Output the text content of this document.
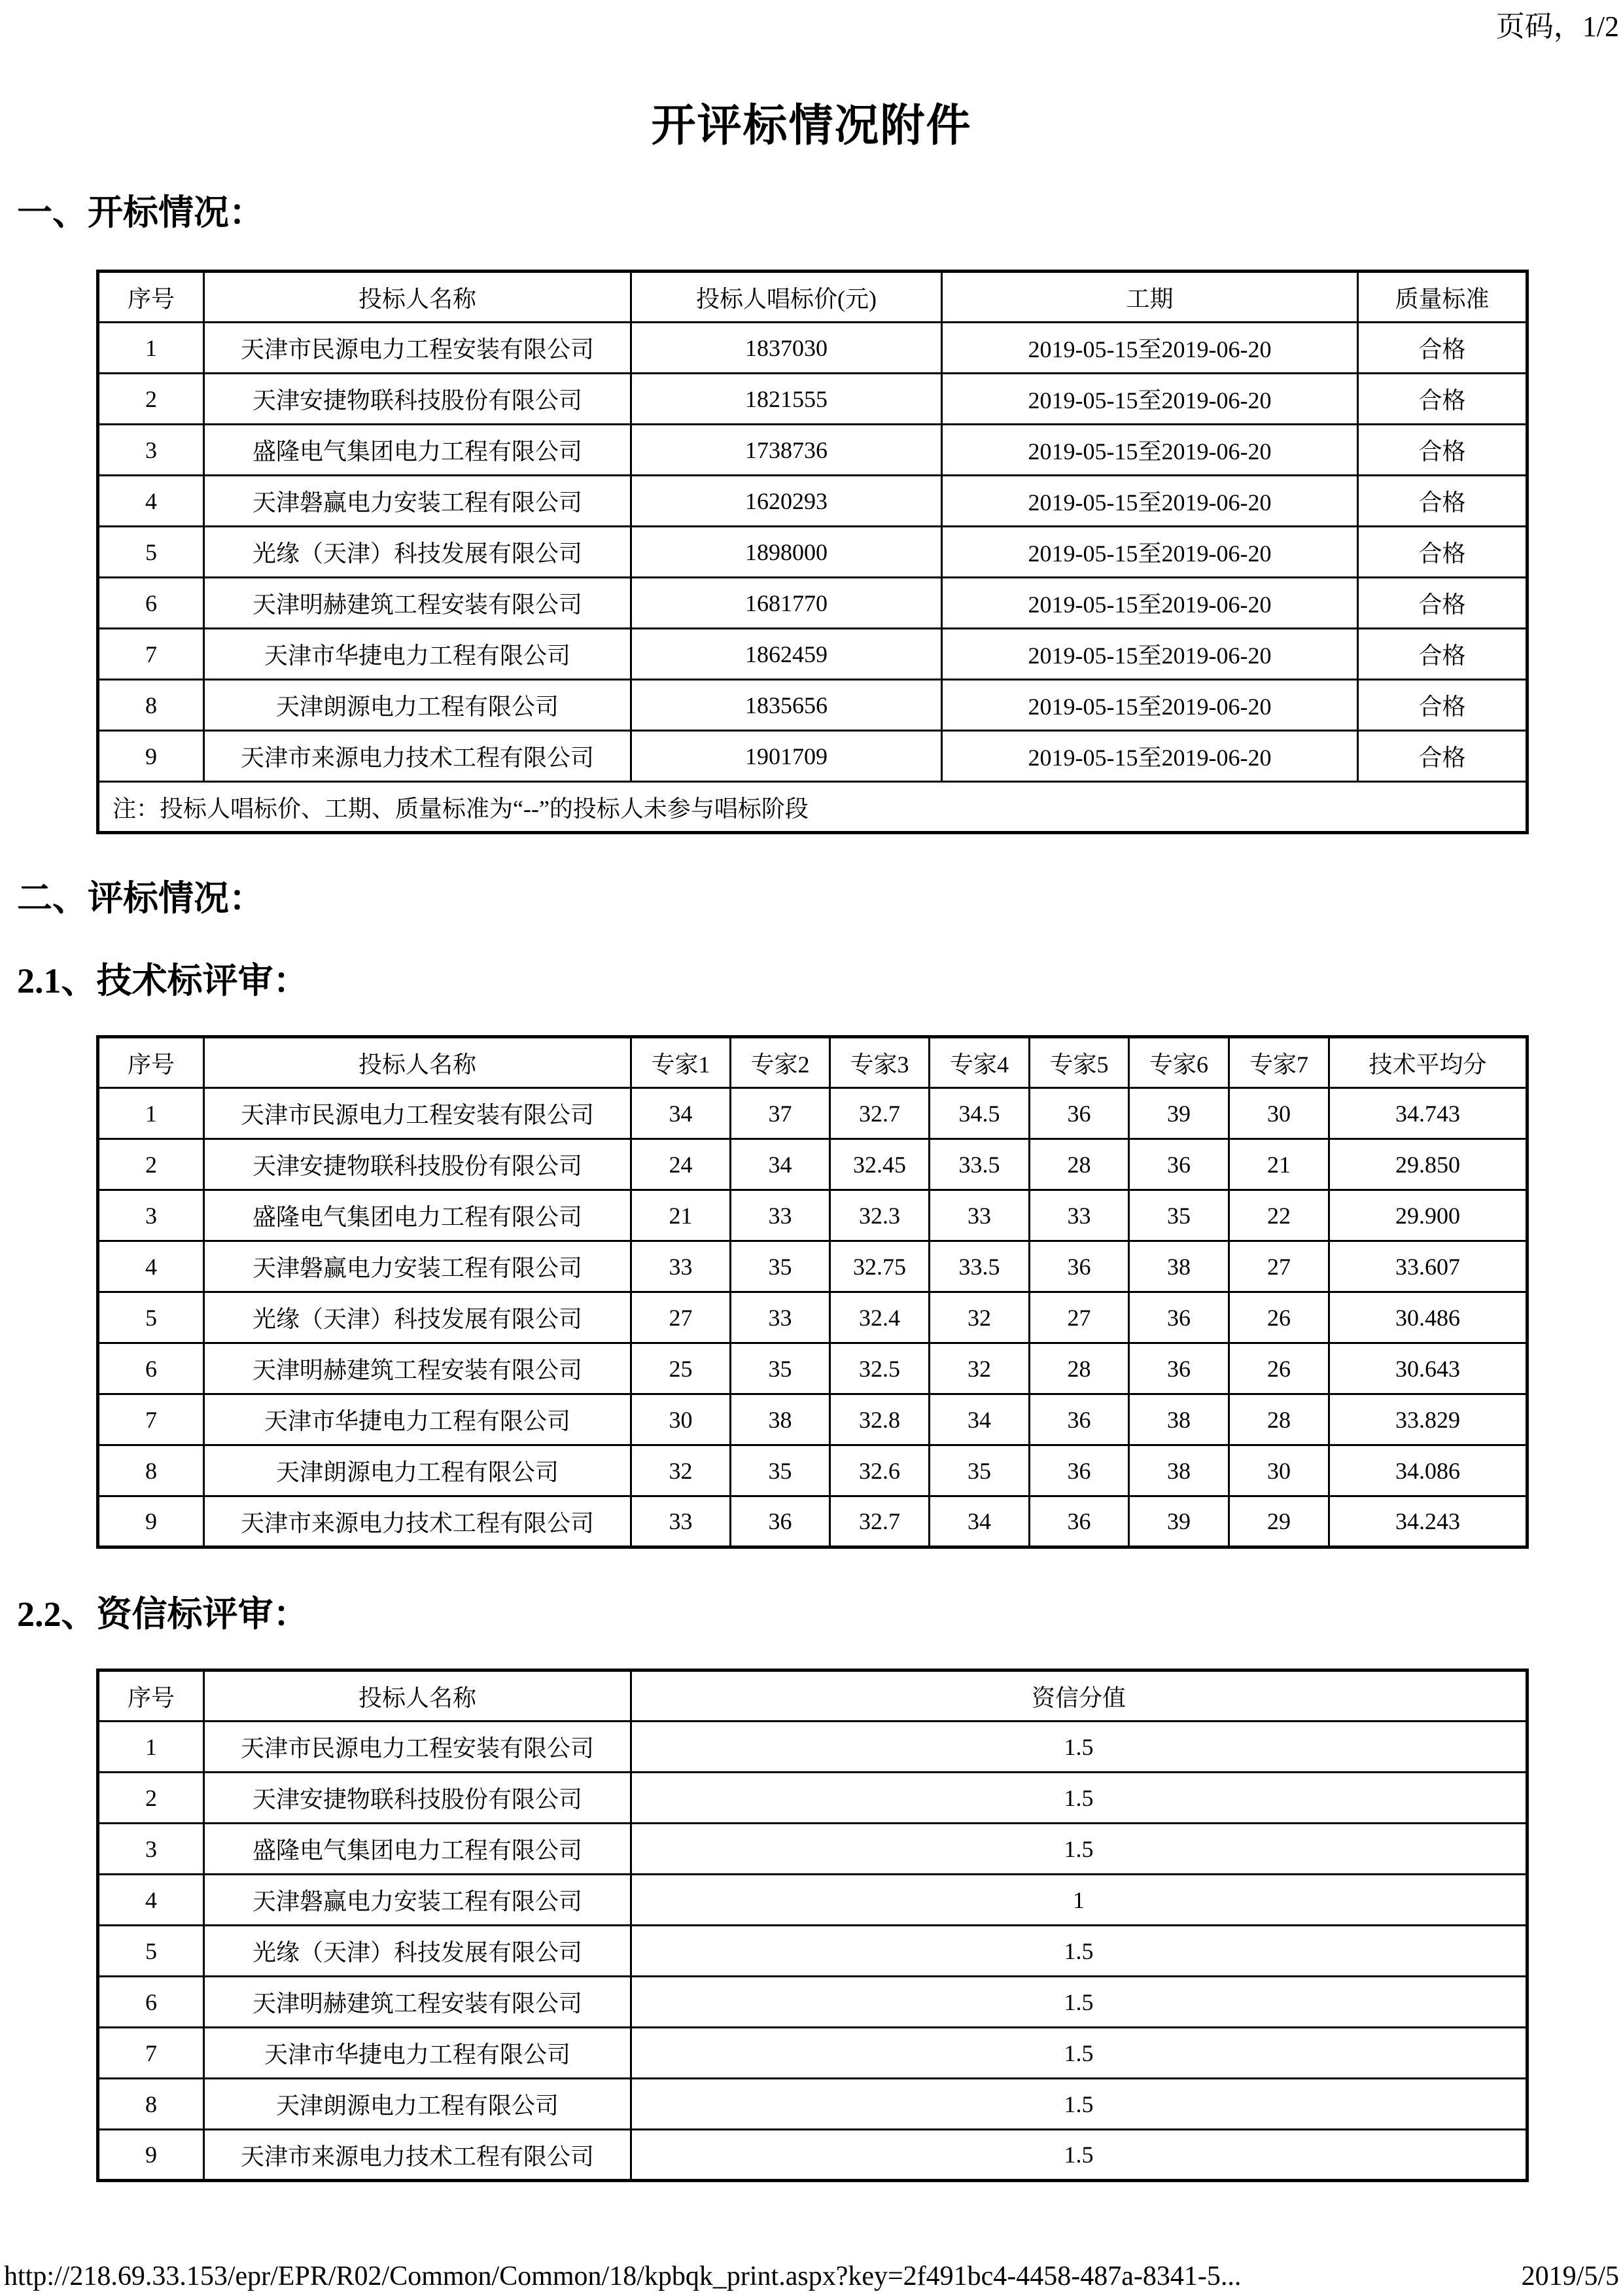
页码，1/2
开评标情况附件
一、开标情况：
序号	投标人名称	投标人唱标价(元)	工期	质量标准
1	天津市民源电力工程安装有限公司	1837030	2019-05-15至2019-06-20	合格
2	天津安捷物联科技股份有限公司	1821555	2019-05-15至2019-06-20	合格
3	盛隆电气集团电力工程有限公司	1738736	2019-05-15至2019-06-20	合格
4	天津磐赢电力安装工程有限公司	1620293	2019-05-15至2019-06-20	合格
5	光缘（天津）科技发展有限公司	1898000	2019-05-15至2019-06-20	合格
6	天津明赫建筑工程安装有限公司	1681770	2019-05-15至2019-06-20	合格
7	天津市华捷电力工程有限公司	1862459	2019-05-15至2019-06-20	合格
8	天津朗源电力工程有限公司	1835656	2019-05-15至2019-06-20	合格
9	天津市来源电力技术工程有限公司	1901709	2019-05-15至2019-06-20	合格
注：投标人唱标价、工期、质量标准为“--”的投标人未参与唱标阶段				
二、评标情况：
2.1、技术标评审：
序号	投标人名称	专家1	专家2	专家3	专家4	专家5	专家6	专家7	技术平均分
1	天津市民源电力工程安装有限公司	34	37	32.7	34.5	36	39	30	34.743
2	天津安捷物联科技股份有限公司	24	34	32.45	33.5	28	36	21	29.850
3	盛隆电气集团电力工程有限公司	21	33	32.3	33	33	35	22	29.900
4	天津磐赢电力安装工程有限公司	33	35	32.75	33.5	36	38	27	33.607
5	光缘（天津）科技发展有限公司	27	33	32.4	32	27	36	26	30.486
6	天津明赫建筑工程安装有限公司	25	35	32.5	32	28	36	26	30.643
7	天津市华捷电力工程有限公司	30	38	32.8	34	36	38	28	33.829
8	天津朗源电力工程有限公司	32	35	32.6	35	36	38	30	34.086
9	天津市来源电力技术工程有限公司	33	36	32.7	34	36	39	29	34.243
2.2、资信标评审：
序号	投标人名称	资信分值
1	天津市民源电力工程安装有限公司	1.5
2	天津安捷物联科技股份有限公司	1.5
3	盛隆电气集团电力工程有限公司	1.5
4	天津磐赢电力安装工程有限公司	1
5	光缘（天津）科技发展有限公司	1.5
6	天津明赫建筑工程安装有限公司	1.5
7	天津市华捷电力工程有限公司	1.5
8	天津朗源电力工程有限公司	1.5
9	天津市来源电力技术工程有限公司	1.5
http://218.69.33.153/epr/EPR/R02/Common/Common/18/kpbqk_print.aspx?key=2f491bc4-4458-487a-8341-5...	2019/5/5
